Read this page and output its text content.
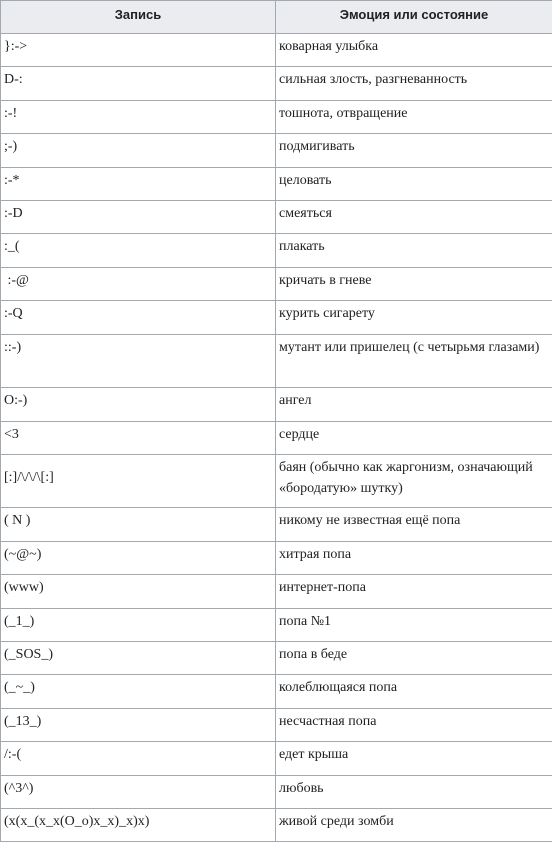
Запись	Эмоция или состояние
}:->	коварная улыбка
D-:	сильная злость, разгневанность
:-!	тошнота, отвращение
;-)	подмигивать
:-*	целовать
:-D	смеяться
:_(	плакать
:-@	кричать в гневе
:-Q	курить сигарету
::-)	мутант или пришелец (с четырьмя глазами)
O:-)	ангел
<3	сердце
[:]/\/\/\[:]	баян (обычно как жаргонизм, означающий «бородатую» шутку)
( N )	никому не известная ещё попа
(~@~)	хитрая попа
(www)	интернет-попа
(_1_)	попа №1
(_SOS_)	попа в беде
(_~_)	колеблющаяся попа
(_13_)	несчастная попа
/:-(	едет крыша
(^3^)	любовь
(x(x_(x_x(O_o)x_x)_x)x)	живой среди зомби
